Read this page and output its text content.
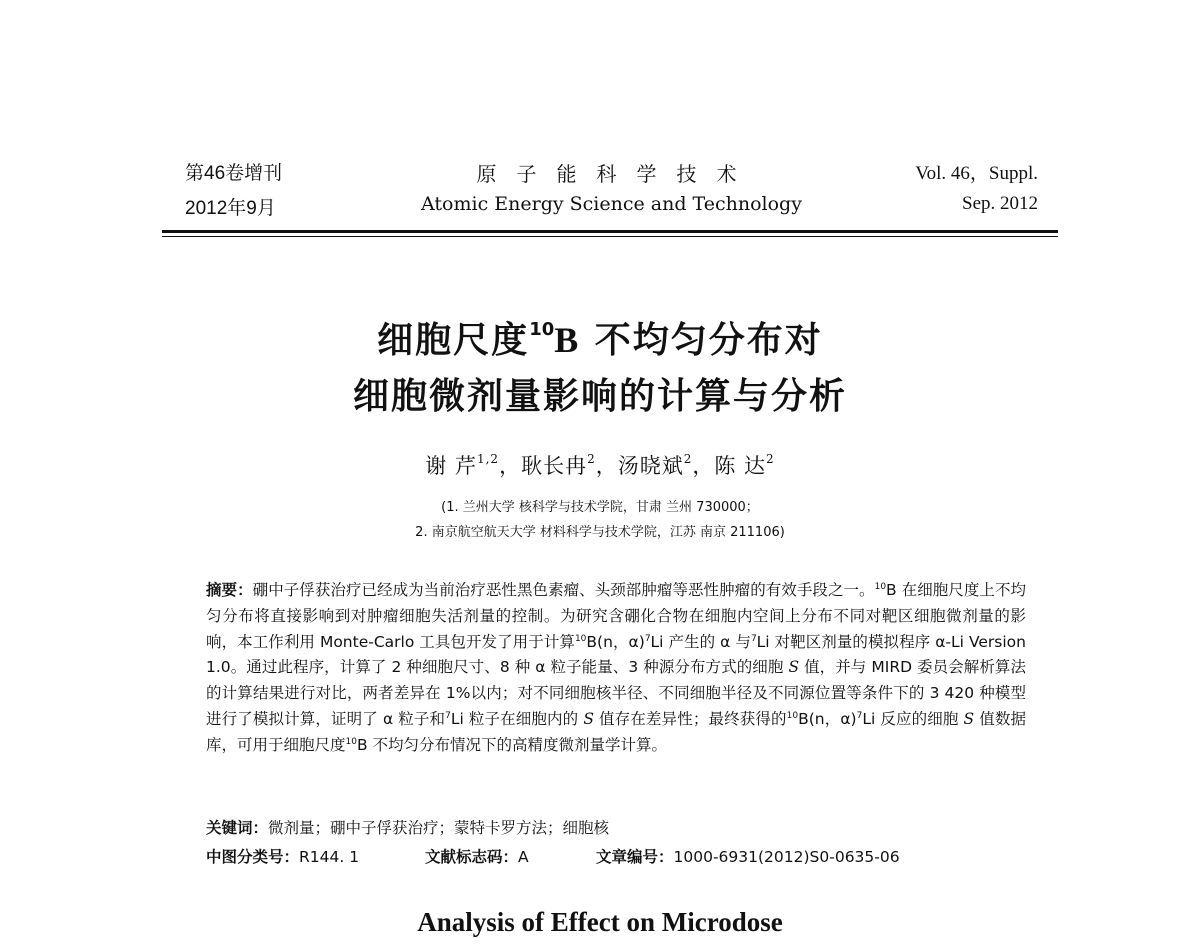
第46卷增刊	原子能科学技术	Vol. 46，Suppl.
2012年9月	Atomic Energy Science and Technology	Sep. 2012
细胞尺度$^{10}$B 不均匀分布对
细胞微剂量影响的计算与分析
谢 芹$^{1,2}$，耿长冉$^2$，汤晓斌$^2$，陈 达$^2$
(1. 兰州大学 核科学与技术学院，甘肃 兰州 730000；
2. 南京航空航天大学 材料科学与技术学院，江苏 南京 211106)
摘要：硼中子俘获治疗已经成为当前治疗恶性黑色素瘤、头颈部肿瘤等恶性肿瘤的有效手段之一。$^{10}$B 在细胞尺度上不均匀分布将直接影响到对肿瘤细胞失活剂量的控制。为研究含硼化合物在细胞内空间上分布不同对靶区细胞微剂量的影响，本工作利用 Monte-Carlo 工具包开发了用于计算$^{10}$B(n，α)$^7$Li 产生的 α 与$^7$Li 对靶区剂量的模拟程序 α-Li Version 1.0。通过此程序，计算了 2 种细胞尺寸、8 种 α 粒子能量、3 种源分布方式的细胞 S 值，并与 MIRD 委员会解析算法的计算结果进行对比，两者差异在 1%以内；对不同细胞核半径、不同细胞半径及不同源位置等条件下的 3 420 种模型进行了模拟计算，证明了 α 粒子和$^7$Li 粒子在细胞内的 S 值存在差异性；最终获得的$^{10}$B(n，α)$^7$Li 反应的细胞 S 值数据库，可用于细胞尺度$^{10}$B 不均匀分布情况下的高精度微剂量学计算。
关键词：微剂量；硼中子俘获治疗；蒙特卡罗方法；细胞核
中图分类号：R144. 1	文献标志码：A	文章编号：1000-6931(2012)S0-0635-06
Analysis of Effect on Microdose
